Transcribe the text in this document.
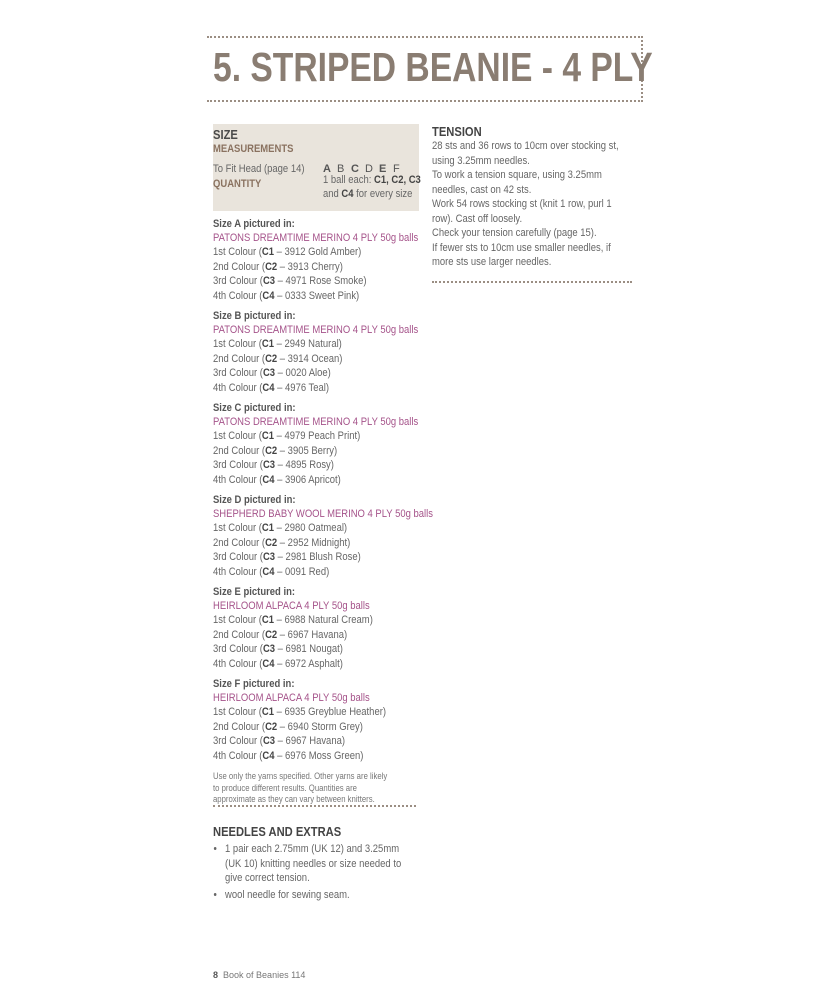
5. STRIPED BEANIE - 4 PLY
SIZE
MEASUREMENTS
To Fit Head (page 14) A B C D E F
QUANTITY	1 ball each: C1, C2, C3
and C4 for every size
Size A pictured in:
PATONS DREAMTIME MERINO 4 PLY 50g balls
1st Colour (C1 – 3912 Gold Amber)
2nd Colour (C2 – 3913 Cherry)
3rd Colour (C3 – 4971 Rose Smoke)
4th Colour (C4 – 0333 Sweet Pink)
Size B pictured in:
PATONS DREAMTIME MERINO 4 PLY 50g balls
1st Colour (C1 – 2949 Natural)
2nd Colour (C2 – 3914 Ocean)
3rd Colour (C3 – 0020 Aloe)
4th Colour (C4 – 4976 Teal)
Size C pictured in:
PATONS DREAMTIME MERINO 4 PLY 50g balls
1st Colour (C1 – 4979 Peach Print)
2nd Colour (C2 – 3905 Berry)
3rd Colour (C3 – 4895 Rosy)
4th Colour (C4 – 3906 Apricot)
Size D pictured in:
SHEPHERD BABY WOOL MERINO 4 PLY 50g balls
1st Colour (C1 – 2980 Oatmeal)
2nd Colour (C2 – 2952 Midnight)
3rd Colour (C3 – 2981 Blush Rose)
4th Colour (C4 – 0091 Red)
Size E pictured in:
HEIRLOOM ALPACA 4 PLY 50g balls
1st Colour (C1 – 6988 Natural Cream)
2nd Colour (C2 – 6967 Havana)
3rd Colour (C3 – 6981 Nougat)
4th Colour (C4 – 6972 Asphalt)
Size F pictured in:
HEIRLOOM ALPACA 4 PLY 50g balls
1st Colour (C1 – 6935 Greyblue Heather)
2nd Colour (C2 – 6940 Storm Grey)
3rd Colour (C3 – 6967 Havana)
4th Colour (C4 – 6976 Moss Green)
Use only the yarns specified. Other yarns are likely to produce different results. Quantities are approximate as they can vary between knitters.
NEEDLES AND EXTRAS
• 1 pair each 2.75mm (UK 12) and 3.25mm (UK 10) knitting needles or size needed to give correct tension.
• wool needle for sewing seam.
TENSION
28 sts and 36 rows to 10cm over stocking st,
using 3.25mm needles.
To work a tension square, using 3.25mm
needles, cast on 42 sts.
Work 54 rows stocking st (knit 1 row, purl 1
row). Cast off loosely.
Check your tension carefully (page 15).
If fewer sts to 10cm use smaller needles, if
more sts use larger needles.
8 Book of Beanies 114
